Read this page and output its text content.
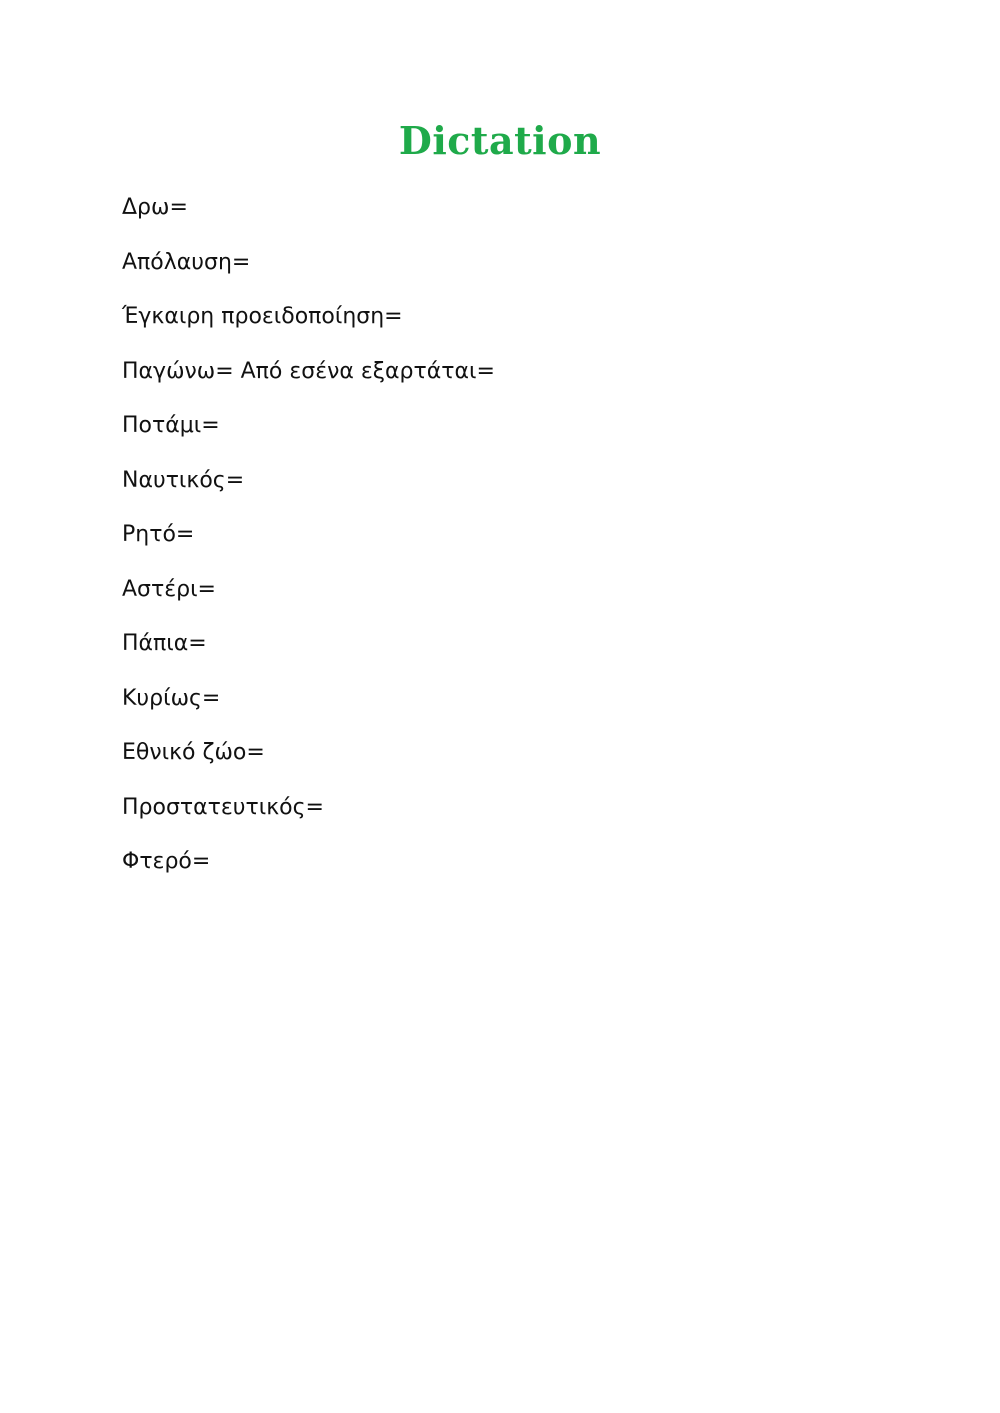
Dictation
Δρω=
Απόλαυση=
Έγκαιρη προειδοποίηση=
Παγώνω= Από εσένα εξαρτάται=
Ποτάμι=
Ναυτικός=
Ρητό=
Αστέρι=
Πάπια=
Κυρίως=
Εθνικό ζώο=
Προστατευτικός=
Φτερό=
